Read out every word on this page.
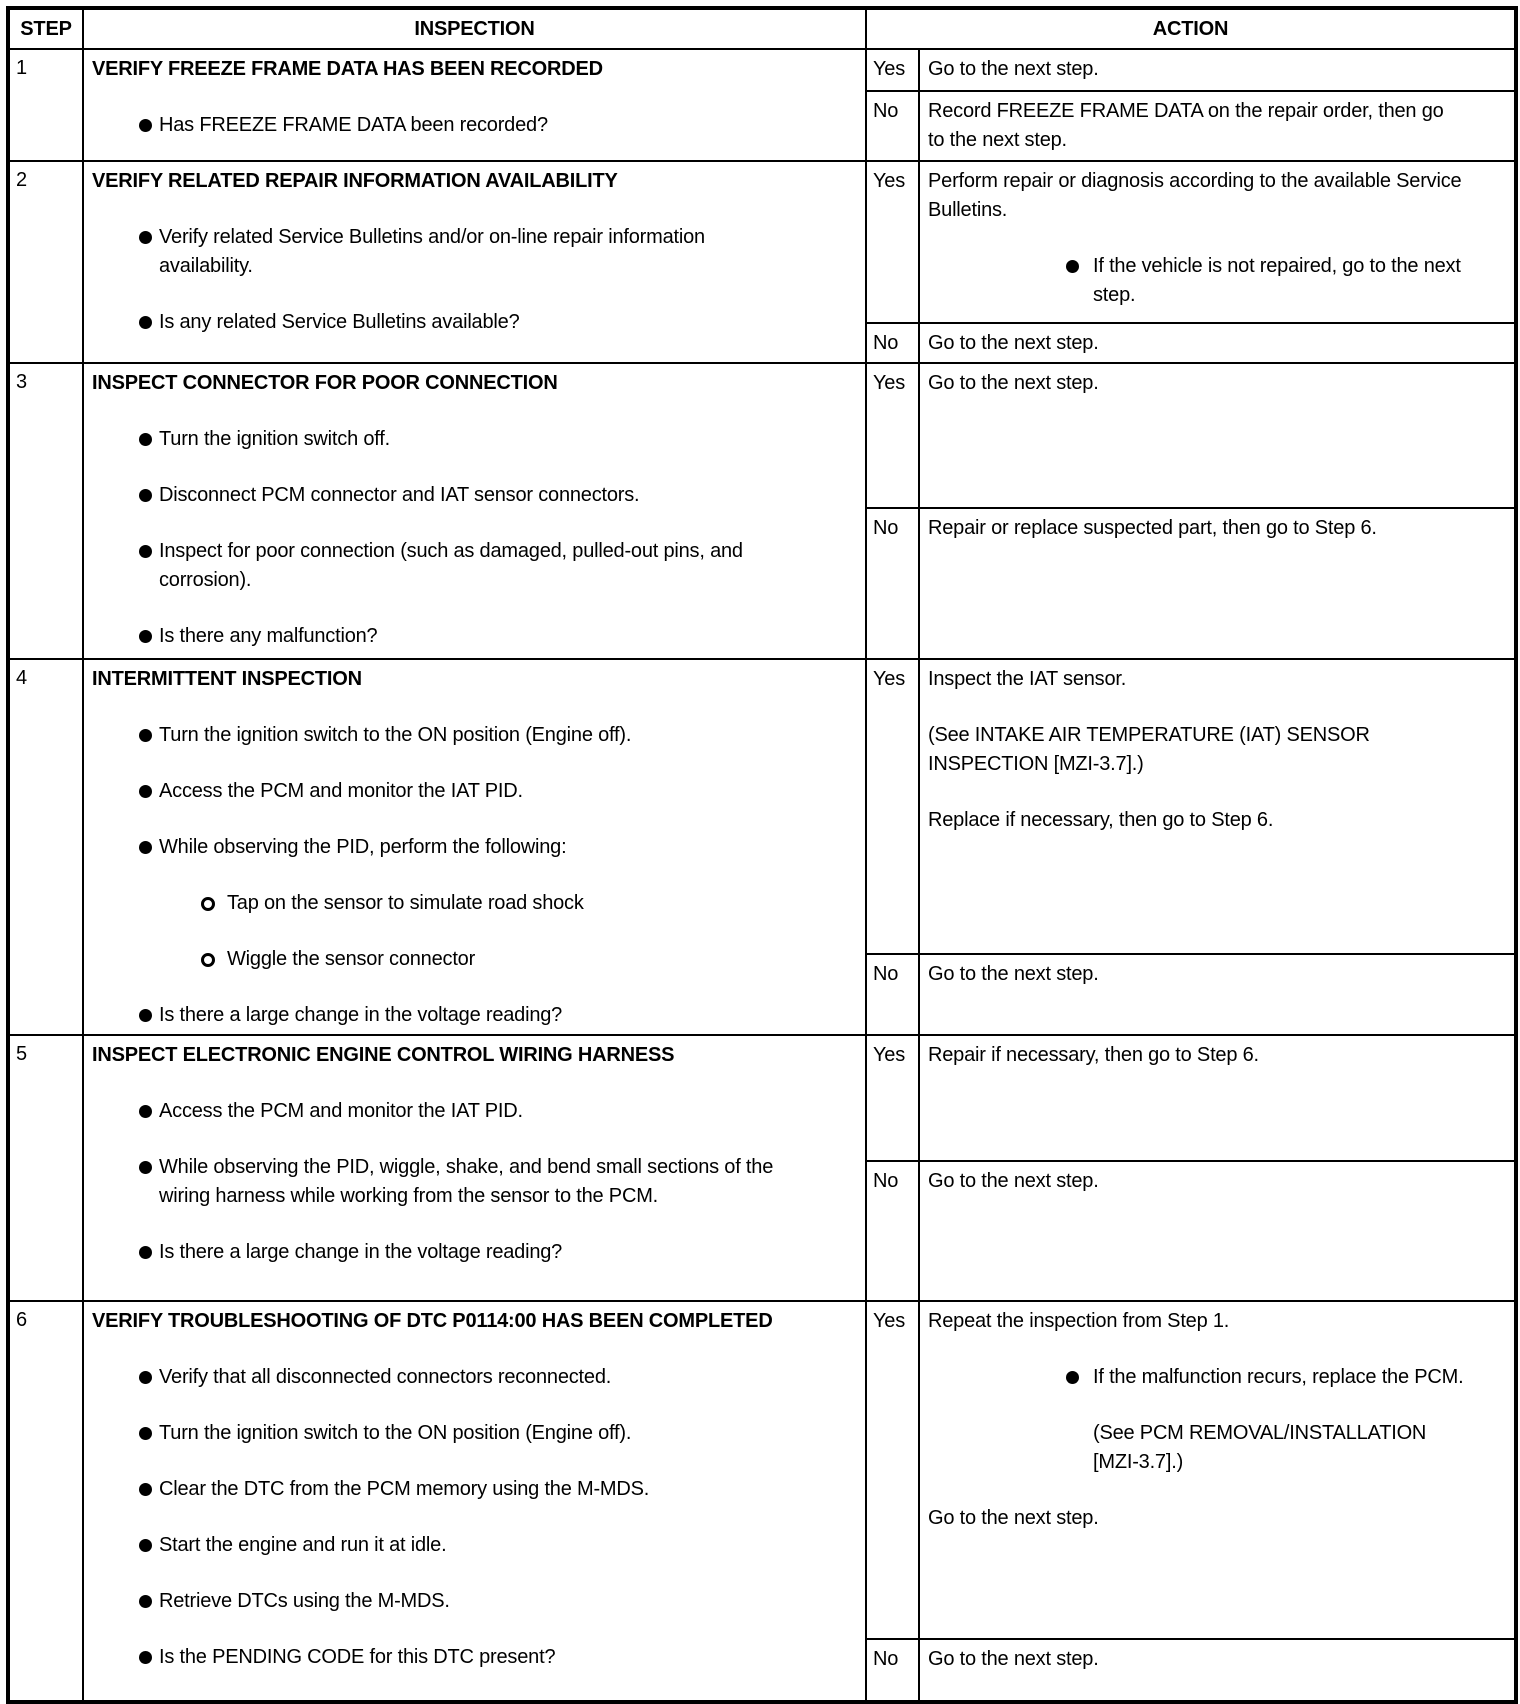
STEP	INSPECTION	ACTION
1	VERIFY FREEZE FRAME DATA HAS BEEN RECORDED
Has FREEZE FRAME DATA been recorded?
Yes	Go to the next step.
No	Record FREEZE FRAME DATA on the repair order, then go to the next step.
2	VERIFY RELATED REPAIR INFORMATION AVAILABILITY
Verify related Service Bulletins and/or on-line repair information availability.
Is any related Service Bulletins available?
Yes	Perform repair or diagnosis according to the available Service Bulletins.
If the vehicle is not repaired, go to the next step.
No	Go to the next step.
3	INSPECT CONNECTOR FOR POOR CONNECTION
Turn the ignition switch off.
Disconnect PCM connector and IAT sensor connectors.
Inspect for poor connection (such as damaged, pulled-out pins, and corrosion).
Is there any malfunction?
Yes	Go to the next step.
No	Repair or replace suspected part, then go to Step 6.
4	INTERMITTENT INSPECTION
Turn the ignition switch to the ON position (Engine off).
Access the PCM and monitor the IAT PID.
While observing the PID, perform the following:
Tap on the sensor to simulate road shock
Wiggle the sensor connector
Is there a large change in the voltage reading?
Yes	Inspect the IAT sensor.
(See INTAKE AIR TEMPERATURE (IAT) SENSOR INSPECTION [MZI-3.7].)
Replace if necessary, then go to Step 6.
No	Go to the next step.
5	INSPECT ELECTRONIC ENGINE CONTROL WIRING HARNESS
Access the PCM and monitor the IAT PID.
While observing the PID, wiggle, shake, and bend small sections of the wiring harness while working from the sensor to the PCM.
Is there a large change in the voltage reading?
Yes	Repair if necessary, then go to Step 6.
No	Go to the next step.
6	VERIFY TROUBLESHOOTING OF DTC P0114:00 HAS BEEN COMPLETED
Verify that all disconnected connectors reconnected.
Turn the ignition switch to the ON position (Engine off).
Clear the DTC from the PCM memory using the M-MDS.
Start the engine and run it at idle.
Retrieve DTCs using the M-MDS.
Is the PENDING CODE for this DTC present?
Yes	Repeat the inspection from Step 1.
If the malfunction recurs, replace the PCM.
(See PCM REMOVAL/INSTALLATION [MZI-3.7].)
Go to the next step.
No	Go to the next step.
